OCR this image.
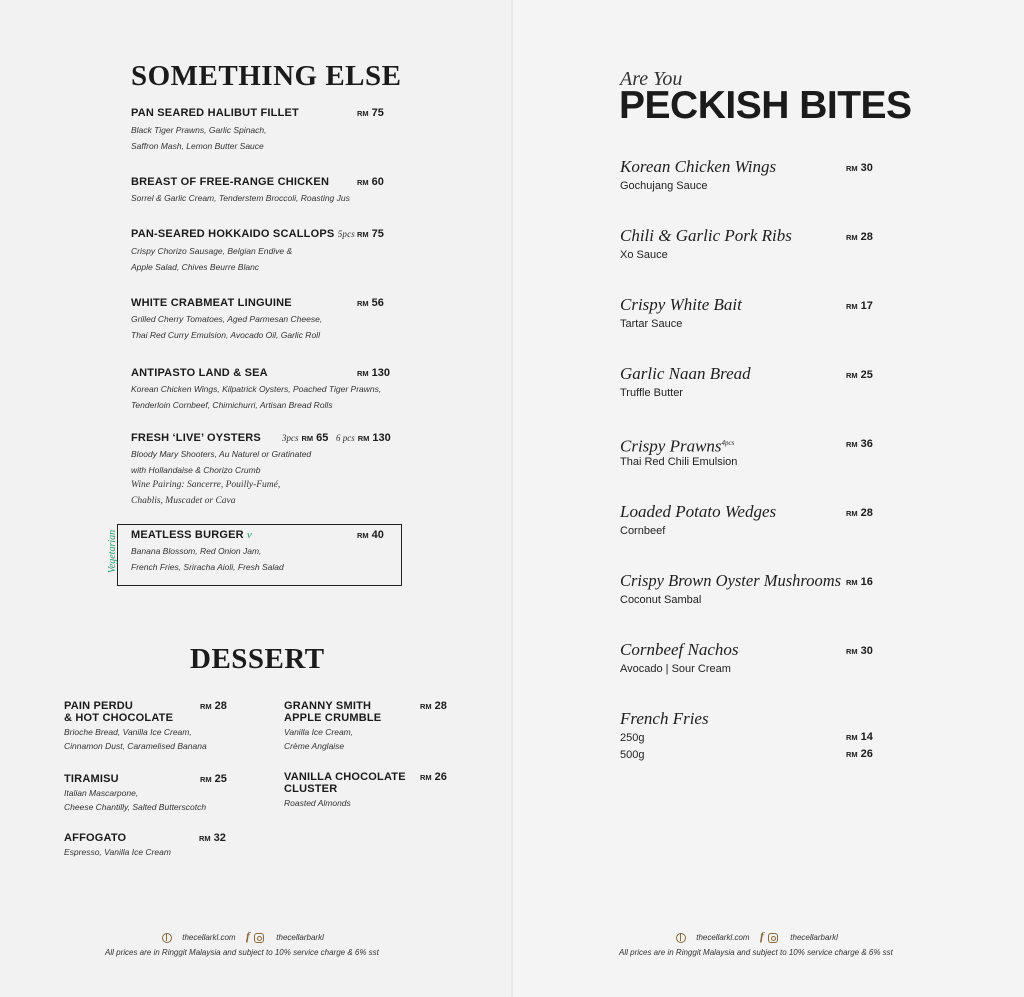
SOMETHING ELSE
PAN SEARED HALIBUT FILLET	RM 75
Black Tiger Prawns, Garlic Spinach,
Saffron Mash, Lemon Butter Sauce
BREAST OF FREE-RANGE CHICKEN	RM 60
Sorrel & Garlic Cream, Tenderstem Broccoli, Roasting Jus
PAN-SEARED HOKKAIDO SCALLOPS 5pcs RM 75
Crispy Chorizo Sausage, Belgian Endive &
Apple Salad, Chives Beurre Blanc
WHITE CRABMEAT LINGUINE	RM 56
Grilled Cherry Tomatoes, Aged Parmesan Cheese,
Thai Red Curry Emulsion, Avocado Oil, Garlic Roll
ANTIPASTO LAND & SEA	RM 130
Korean Chicken Wings, Kilpatrick Oysters, Poached Tiger Prawns,
Tenderloin Cornbeef, Chimichurri, Artisan Bread Rolls
FRESH ‘LIVE’ OYSTERS 3pcs RM 65 6 pcs RM 130
Bloody Mary Shooters, Au Naturel or Gratinated
with Hollandaise & Chorizo Crumb
Wine Pairing: Sancerre, Pouilly-Fumé,
Chablis, Muscadet or Cava
Vegetarian MEATLESS BURGER v	RM 40
Banana Blossom, Red Onion Jam,
French Fries, Sriracha Aioli, Fresh Salad
DESSERT
PAIN PERDU
& HOT CHOCOLATE
RM 28
Brioche Bread, Vanilla Ice Cream,
Cinnamon Dust, Caramelised Banana
GRANNY SMITH
APPLE CRUMBLE
RM 28
Vanilla Ice Cream,
Crème Anglaise
TIRAMISU	RM 25
Italian Mascarpone,
Cheese Chantilly, Salted Butterscotch
VANILLA CHOCOLATE
CLUSTER
RM 26
Roasted Almonds
AFFOGATO	RM 32
Espresso, Vanilla Ice Cream
thecellarkl.com f	thecellarbarkl
All prices are in Ringgit Malaysia and subject to 10% service charge & 6% sst
Are You
PECKISH BITES
Korean Chicken Wings
Gochujang Sauce
RM 30
Chili & Garlic Pork Ribs
Xo Sauce
RM 28
Crispy White Bait
Tartar Sauce
RM 17
Garlic Naan Bread
Truffle Butter
RM 25
Crispy Prawns$^{4pcs}$
Thai Red Chili Emulsion
RM 36
Loaded Potato Wedges
Cornbeef
RM 28
Crispy Brown Oyster Mushrooms
Coconut Sambal
RM 16
Cornbeef Nachos
Avocado | Sour Cream
RM 30
French Fries
250g	RM 14
500g	RM 26
thecellarkl.com f	thecellarbarkl
All prices are in Ringgit Malaysia and subject to 10% service charge & 6% sst
